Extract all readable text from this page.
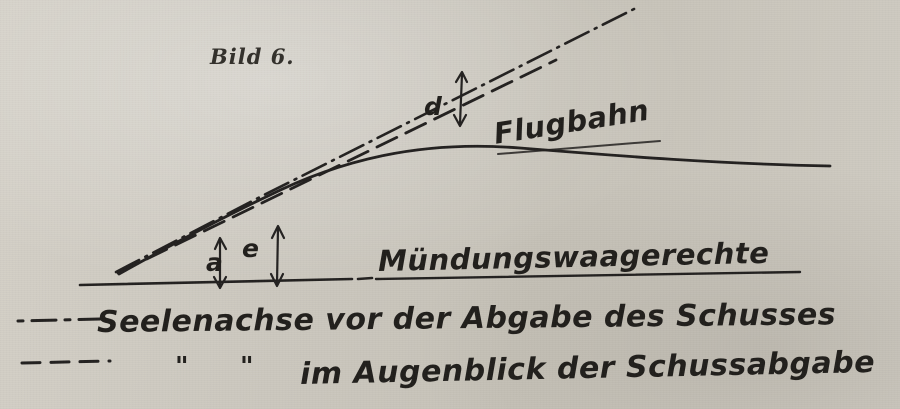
Bild 6.
d
a e
Flugbahn
Mündungswaagerechte
Seelenachse vor der Abgabe des Schusses
" " im Augenblick der Schussabgabe
